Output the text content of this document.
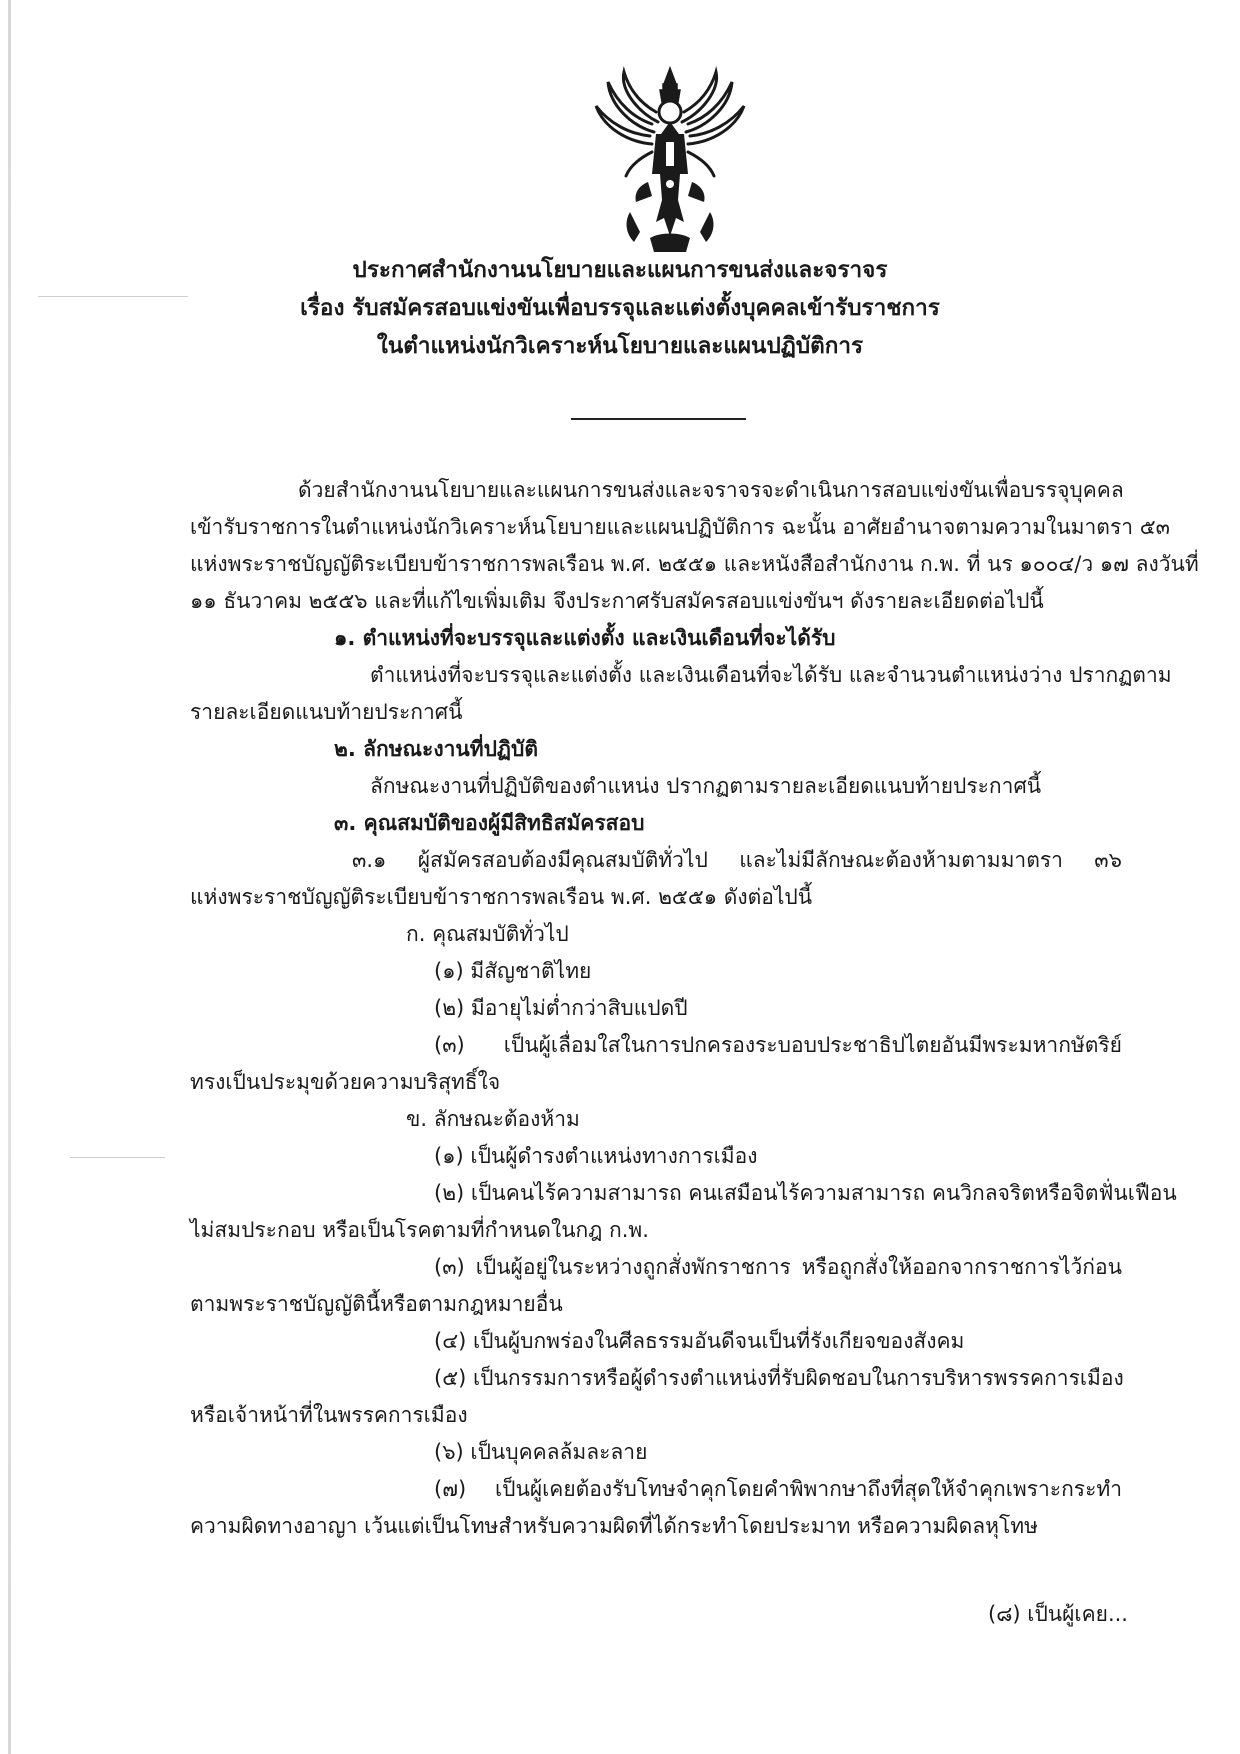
ประกาศสำนักงานนโยบายและแผนการขนส่งและจราจร
เรื่อง รับสมัครสอบแข่งขันเพื่อบรรจุและแต่งตั้งบุคคลเข้ารับราชการ
ในตำแหน่งนักวิเคราะห์นโยบายและแผนปฏิบัติการ
ด้วยสำนักงานนโยบายและแผนการขนส่งและจราจรจะดำเนินการสอบแข่งขันเพื่อบรรจุบุคคล
เข้ารับราชการในตำแหน่งนักวิเคราะห์นโยบายและแผนปฏิบัติการ ฉะนั้น อาศัยอำนาจตามความในมาตรา ๕๓
แห่งพระราชบัญญัติระเบียบข้าราชการพลเรือน พ.ศ. ๒๕๕๑ และหนังสือสำนักงาน ก.พ. ที่ นร ๑๐๐๔/ว ๑๗ ลงวันที่
๑๑ ธันวาคม ๒๕๕๖ และที่แก้ไขเพิ่มเติม จึงประกาศรับสมัครสอบแข่งขันฯ ดังรายละเอียดต่อไปนี้
๑. ตำแหน่งที่จะบรรจุและแต่งตั้ง และเงินเดือนที่จะได้รับ
ตำแหน่งที่จะบรรจุและแต่งตั้ง และเงินเดือนที่จะได้รับ และจำนวนตำแหน่งว่าง ปรากฏตาม
รายละเอียดแนบท้ายประกาศนี้
๒. ลักษณะงานที่ปฏิบัติ
ลักษณะงานที่ปฏิบัติของตำแหน่ง ปรากฏตามรายละเอียดแนบท้ายประกาศนี้
๓. คุณสมบัติของผู้มีสิทธิสมัครสอบ
๓.๑ ผู้สมัครสอบต้องมีคุณสมบัติทั่วไป และไม่มีลักษณะต้องห้ามตามมาตรา ๓๖
แห่งพระราชบัญญัติระเบียบข้าราชการพลเรือน พ.ศ. ๒๕๕๑ ดังต่อไปนี้
ก. คุณสมบัติทั่วไป
(๑) มีสัญชาติไทย
(๒) มีอายุไม่ต่ำกว่าสิบแปดปี
(๓) เป็นผู้เลื่อมใสในการปกครองระบอบประชาธิปไตยอันมีพระมหากษัตริย์
ทรงเป็นประมุขด้วยความบริสุทธิ์ใจ
ข. ลักษณะต้องห้าม
(๑) เป็นผู้ดำรงตำแหน่งทางการเมือง
(๒) เป็นคนไร้ความสามารถ คนเสมือนไร้ความสามารถ คนวิกลจริตหรือจิตฟั่นเฟือน
ไม่สมประกอบ หรือเป็นโรคตามที่กำหนดในกฎ ก.พ.
(๓) เป็นผู้อยู่ในระหว่างถูกสั่งพักราชการ หรือถูกสั่งให้ออกจากราชการไว้ก่อน
ตามพระราชบัญญัตินี้หรือตามกฎหมายอื่น
(๔) เป็นผู้บกพร่องในศีลธรรมอันดีจนเป็นที่รังเกียจของสังคม
(๕) เป็นกรรมการหรือผู้ดำรงตำแหน่งที่รับผิดชอบในการบริหารพรรคการเมือง
หรือเจ้าหน้าที่ในพรรคการเมือง
(๖) เป็นบุคคลล้มละลาย
(๗) เป็นผู้เคยต้องรับโทษจำคุกโดยคำพิพากษาถึงที่สุดให้จำคุกเพราะกระทำ
ความผิดทางอาญา เว้นแต่เป็นโทษสำหรับความผิดที่ได้กระทำโดยประมาท หรือความผิดลหุโทษ
(๘) เป็นผู้เคย...
